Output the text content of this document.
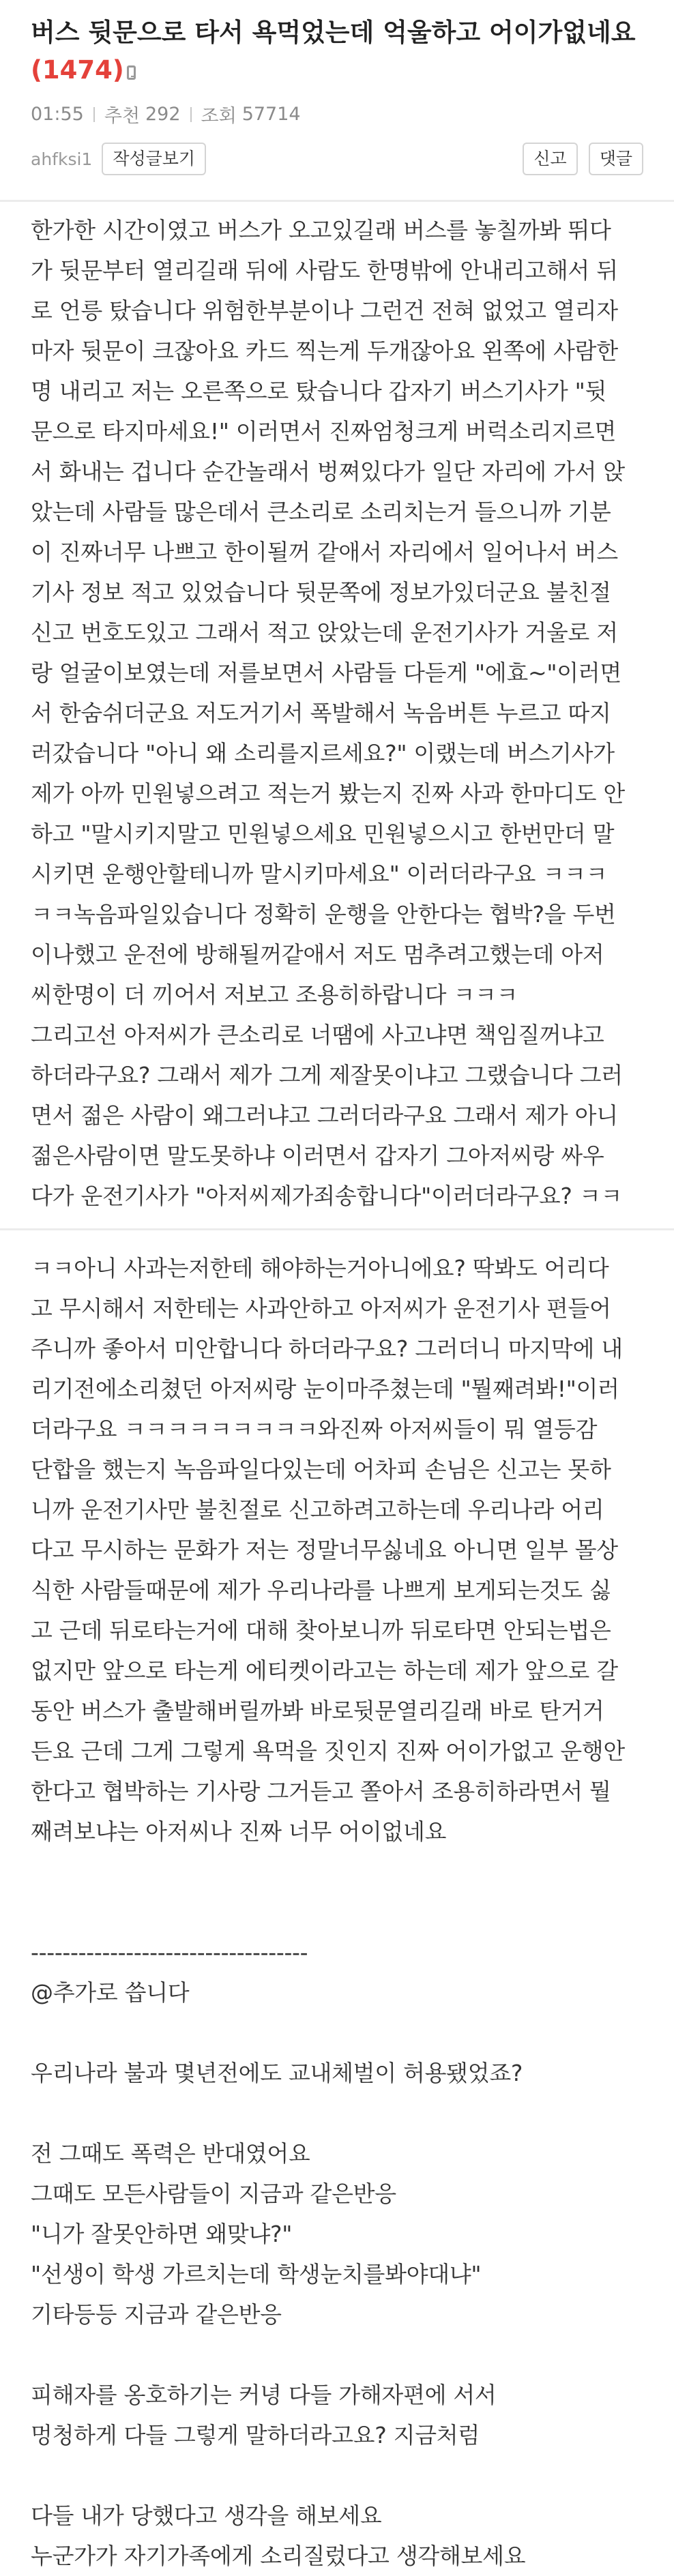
버스 뒷문으로 타서 욕먹었는데 억울하고 어이가없네요
(1474)
01:55 추천 292 조회 57714
ahfksi1	작성글보기	신고	댓글

한가한 시간이였고 버스가 오고있길래 버스를 놓칠까봐 뛰다

가 뒷문부터 열리길래 뒤에 사람도 한명밖에 안내리고해서 뒤

로 언릉 탔습니다 위험한부분이나 그런건 전혀 없었고 열리자

마자 뒷문이 크잖아요 카드 찍는게 두개잖아요 왼쪽에 사람한

명 내리고 저는 오른쪽으로 탔습니다 갑자기 버스기사가 "뒷

문으로 타지마세요!" 이러면서 진짜엄청크게 버럭소리지르면

서 화내는 겁니다 순간놀래서 벙쪄있다가 일단 자리에 가서 앉

았는데 사람들 많은데서 큰소리로 소리치는거 들으니까 기분

이 진짜너무 나쁘고 한이될꺼 같애서 자리에서 일어나서 버스

기사 정보 적고 있었습니다 뒷문쪽에 정보가있더군요 불친절

신고 번호도있고 그래서 적고 앉았는데 운전기사가 거울로 저

랑 얼굴이보였는데 저를보면서 사람들 다듣게 "에효~"이러면

서 한숨쉬더군요 저도거기서 폭발해서 녹음버튼 누르고 따지

러갔습니다 "아니 왜 소리를지르세요?" 이랬는데 버스기사가

제가 아까 민원넣으려고 적는거 봤는지 진짜 사과 한마디도 안

하고 "말시키지말고 민원넣으세요 민원넣으시고 한번만더 말

시키면 운행안할테니까 말시키마세요" 이러더라구요 ㅋㅋㅋ

ㅋㅋ녹음파일있습니다 정확히 운행을 안한다는 협박?을 두번

이나했고 운전에 방해될꺼같애서 저도 멈추려고했는데 아저

씨한명이 더 끼어서 저보고 조용히하랍니다 ㅋㅋㅋ

그리고선 아저씨가 큰소리로 너땜에 사고냐면 책임질꺼냐고

하더라구요? 그래서 제가 그게 제잘못이냐고 그랬습니다 그러

면서 젊은 사람이 왜그러냐고 그러더라구요 그래서 제가 아니

젊은사람이면 말도못하냐 이러면서 갑자기 그아저씨랑 싸우

다가 운전기사가 "아저씨제가죄송합니다"이러더라구요? ㅋㅋ

ㅋㅋ아니 사과는저한테 해야하는거아니에요? 딱봐도 어리다

고 무시해서 저한테는 사과안하고 아저씨가 운전기사 편들어

주니까 좋아서 미안합니다 하더라구요? 그러더니 마지막에 내

리기전에소리쳤던 아저씨랑 눈이마주쳤는데 "뭘째려봐!"이러

더라구요 ㅋㅋㅋㅋㅋㅋㅋㅋㅋ와진짜 아저씨들이 뭐 열등감

단합을 했는지 녹음파일다있는데 어차피 손님은 신고는 못하

니까 운전기사만 불친절로 신고하려고하는데 우리나라 어리

다고 무시하는 문화가 저는 정말너무싫네요 아니면 일부 몰상

식한 사람들때문에 제가 우리나라를 나쁘게 보게되는것도 싫

고 근데 뒤로타는거에 대해 찾아보니까 뒤로타면 안되는법은

없지만 앞으로 타는게 에티켓이라고는 하는데 제가 앞으로 갈

동안 버스가 출발해버릴까봐 바로뒷문열리길래 바로 탄거거

든요 근데 그게 그렇게 욕먹을 짓인지 진짜 어이가없고 운행안

한다고 협박하는 기사랑 그거듣고 쫄아서 조용히하라면서 뭘

째려보냐는 아저씨나 진짜 너무 어이없네요

-----------------------------------

@추가로 씁니다

우리나라 불과 몇년전에도 교내체벌이 허용됐었죠?

전 그때도 폭력은 반대였어요

그때도 모든사람들이 지금과 같은반응

"니가 잘못안하면 왜맞냐?"

"선생이 학생 가르치는데 학생눈치를봐야대냐"

기타등등 지금과 같은반응

피해자를 옹호하기는 커녕 다들 가해자편에 서서

멍청하게 다들 그렇게 말하더라고요? 지금처럼

다들 내가 당했다고 생각을 해보세요

누군가가 자기가족에게 소리질렀다고 생각해보세요
